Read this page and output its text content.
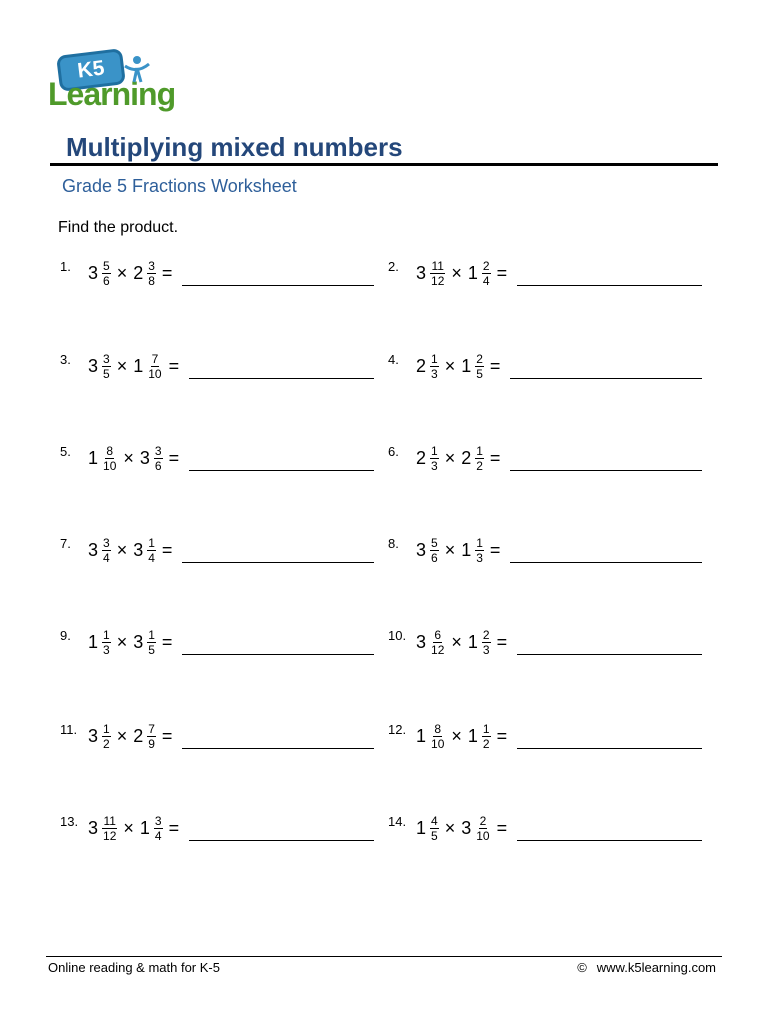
K5
Learning
Multiplying mixed numbers
Grade 5 Fractions Worksheet
Find the product.
1. $3 \frac{5}{6} \times 2 \frac{3}{8}$ =	2. $3 \frac{11}{12} \times 1 \frac{2}{4}$ =
3. $3 \frac{3}{5} \times 1 \frac{7}{10}$ =	4. $2 \frac{1}{3} \times 1 \frac{2}{5}$ =
5. $1 \frac{8}{10} \times 3 \frac{3}{6}$ =	6. $2 \frac{1}{3} \times 2 \frac{1}{2}$ =
7. $3 \frac{3}{4} \times 3 \frac{1}{4}$ =	8. $3 \frac{5}{6} \times 1 \frac{1}{3}$ =
9. $1 \frac{1}{3} \times 3 \frac{1}{5}$ =	10. $3 \frac{6}{12} \times 1 \frac{2}{3}$ =
11. $3 \frac{1}{2} \times 2 \frac{7}{9}$ =	12. $1 \frac{8}{10} \times 1 \frac{1}{2}$ =
13. $3 \frac{11}{12} \times 1 \frac{3}{4}$ =	14. $1 \frac{4}{5} \times 3 \frac{2}{10}$ =
Online reading & math for K-5	© www.k5learning.com
